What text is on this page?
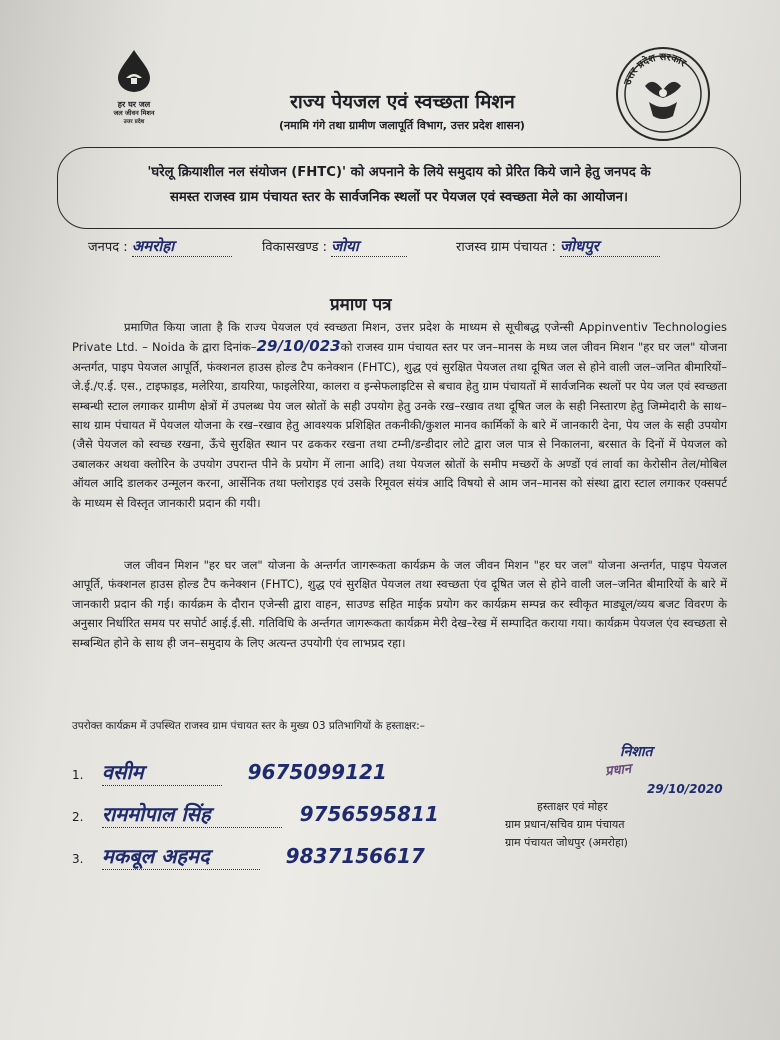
हर घर जल
जल जीवन मिशन
उत्तर प्रदेश
उत्तर प्रदेश सरकार
राज्य पेयजल एवं स्वच्छता मिशन
(नमामि गंगे तथा ग्रामीण जलापूर्ति विभाग, उत्तर प्रदेश शासन)
'घरेलू क्रियाशील नल संयोजन (FHTC)' को अपनाने के लिये समुदाय को प्रेरित किये जाने हेतु जनपद के
समस्त राजस्व ग्राम पंचायत स्तर के सार्वजनिक स्थलों पर पेयजल एवं स्वच्छता मेले का आयोजन।
जनपद : अमरोहा	विकासखण्ड : जोया	राजस्व ग्राम पंचायत : जोधपुर
प्रमाण पत्र

प्रमाणित किया जाता है कि राज्य पेयजल एवं स्वच्छता मिशन, उत्तर प्रदेश के माध्यम से सूचीबद्ध एजेन्सी Appinventiv Technologies Private Ltd. – Noida के द्वारा दिनांक–29/10/023को राजस्व ग्राम पंचायत स्तर पर जन–मानस के मध्य जल जीवन मिशन "हर घर जल" योजना अन्तर्गत, पाइप पेयजल आपूर्ति, फंक्शनल हाउस होल्ड टैप कनेक्शन (FHTC), शुद्ध एवं सुरक्षित पेयजल तथा दूषित जल से होने वाली जल–जनित बीमारियों–जे.ई./ए.ई. एस., टाइफाइड, मलेरिया, डायरिया, फाइलेरिया, कालरा व इन्सेफलाइटिस से बचाव हेतु ग्राम पंचायतों में सार्वजनिक स्थलों पर पेय जल एवं स्वच्छता सम्बन्धी स्टाल लगाकर ग्रामीण क्षेत्रों में उपलब्ध पेय जल स्रोतों के सही उपयोग हेतु उनके रख–रखाव तथा दूषित जल के सही निस्तारण हेतु जिम्मेदारी के साथ–साथ ग्राम पंचायत में पेयजल योजना के रख–रखाव हेतु आवश्यक प्रशिक्षित तकनीकी/कुशल मानव कार्मिकों के बारे में जानकारी देना, पेय जल के सही उपयोग (जैसे पेयजल को स्वच्छ रखना, ऊँचे सुरक्षित स्थान पर ढककर रखना तथा टम्नी/डन्डीदार लोटे द्वारा जल पात्र से निकालना, बरसात के दिनों में पेयजल को उबालकर अथवा क्लोरिन के उपयोग उपरान्त पीने के प्रयोग में लाना आदि) तथा पेयजल स्रोतों के समीप मच्छरों के अण्डों एवं लार्वा का केरोसीन तेल/मोबिल ऑयल आदि डालकर उन्मूलन करना, आर्सेनिक तथा फ्लोराइड एवं उसके रिमूवल संयंत्र आदि विषयो से आम जन–मानस को संस्था द्वारा स्टाल लगाकर एक्सपर्ट के माध्यम से विस्तृत जानकारी प्रदान की गयी।

जल जीवन मिशन "हर घर जल" योजना के अन्तर्गत जागरूकता कार्यक्रम के जल जीवन मिशन "हर घर जल" योजना अन्तर्गत, पाइप पेयजल आपूर्ति, फंक्शनल हाउस होल्ड टैप कनेक्शन (FHTC), शुद्ध एवं सुरक्षित पेयजल तथा स्वच्छता एंव दूषित जल से होने वाली जल–जनित बीमारियों के बारे में जानकारी प्रदान की गई। कार्यक्रम के दौरान एजेन्सी द्वारा वाहन, साउण्ड सहित माईक प्रयोग कर कार्यक्रम सम्पन्न कर स्वीकृत माड्यूल/व्यय बजट विवरण के अनुसार निर्धारित समय पर सपोर्ट आई.ई.सी. गतिविधि के अर्न्तगत जागरूकता कार्यक्रम मेरी देख–रेख में सम्पादित कराया गया। कार्यक्रम पेयजल एंव स्वच्छता से सम्बन्धित होने के साथ ही जन–समुदाय के लिए अत्यन्त उपयोगी एंव लाभप्रद रहा।

उपरोक्त कार्यक्रम में उपस्थित राजस्व ग्राम पंचायत स्तर के मुख्य 03 प्रतिभागियों के हस्ताक्षर:–
1. वसीम	9675099121
2. राममोपाल सिंह	9756595811
3. मकबूल अहमद	9837156617
निशात
प्रधान
29/10/2020
हस्ताक्षर एवं मोहर
ग्राम प्रधान/सचिव ग्राम पंचायत
ग्राम पंचायत जोधपुर (अमरोहा)
